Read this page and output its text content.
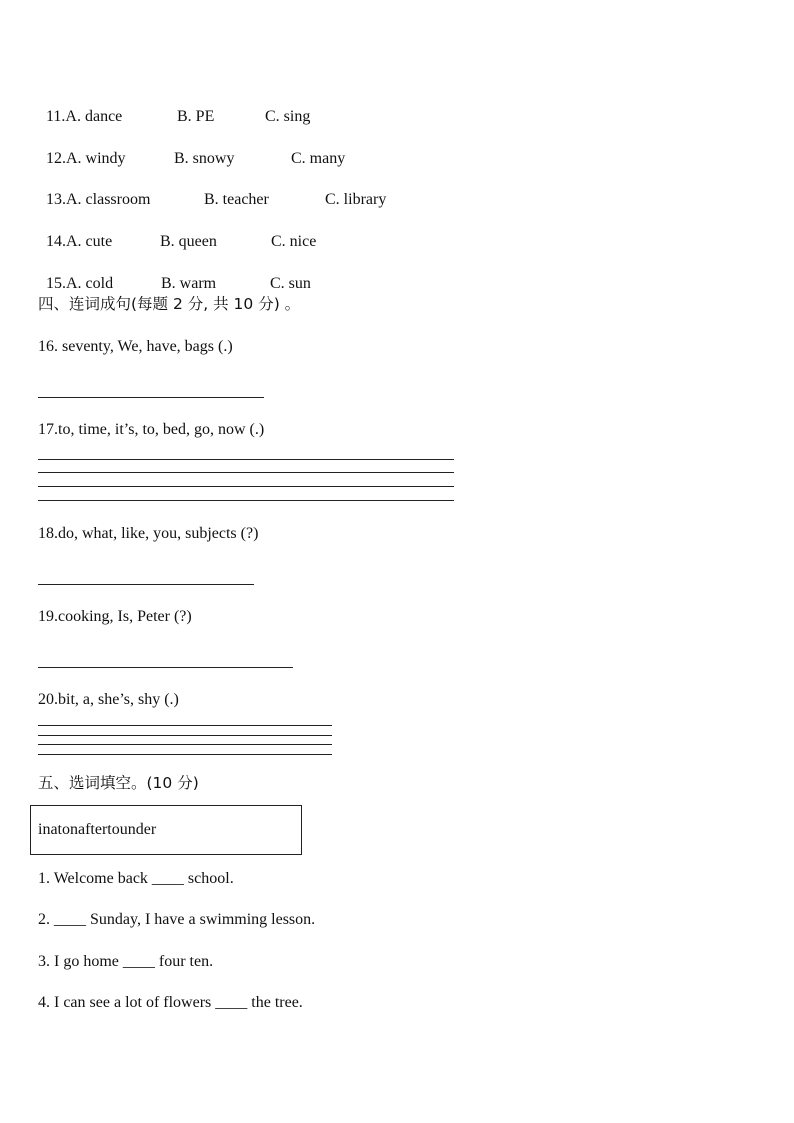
11.A. dance	B. PE	C. sing

12.A. windy	B. snowy	C. many

13.A. classroom	B. teacher	C. library

14.A. cute	B. queen	C. nice

15.A. cold	B. warm	C. sun

四、连词成句(每题 2 分, 共 10 分) 。
16. seventy, We, have, bags (.)
17.to, time, it’s, to, bed, go, now (.)
18.do, what, like, you, subjects (?)
19.cooking, Is, Peter (?)
20.bit, a, she’s, shy (.)
五、选词填空。(10 分)
inatonaftertounder
1. Welcome back ____ school.
2. ____ Sunday, I have a swimming lesson.
3. I go home ____ four ten.
4. I can see a lot of flowers ____ the tree.
